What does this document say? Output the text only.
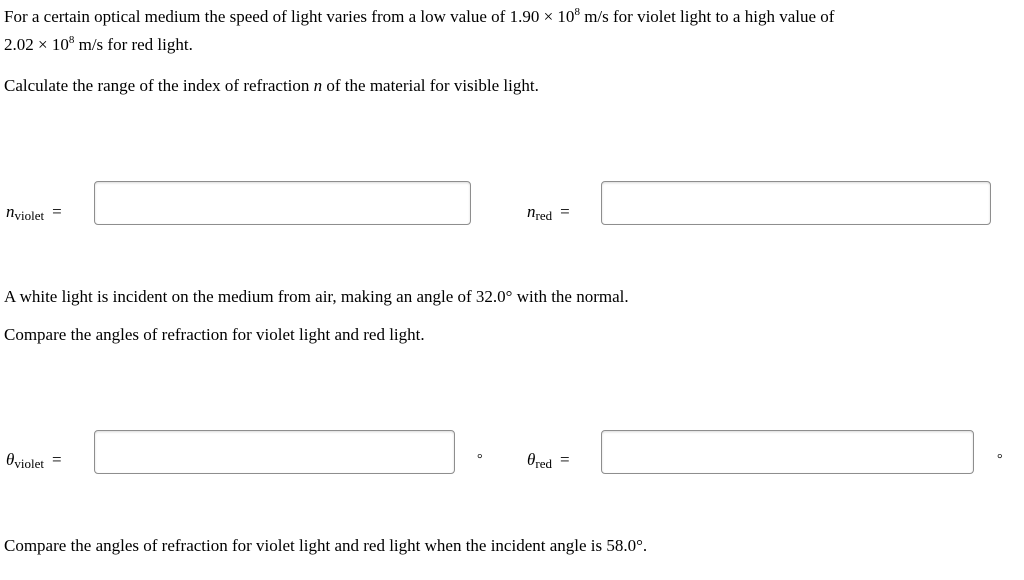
For a certain optical medium the speed of light varies from a low value of $1.90 \times 10^8$ m/s for violet light to a high value of
$2.02 \times 10^8$ m/s for red light.

Calculate the range of the index of refraction n of the material for visible light.

$n_{violet}$ =	$n_{red}$ =

A white light is incident on the medium from air, making an angle of 32.0° with the normal.

Compare the angles of refraction for violet light and red light.

$\theta_{violet}$ =	°	$\theta_{red}$ =	°

Compare the angles of refraction for violet light and red light when the incident angle is 58.0°.
